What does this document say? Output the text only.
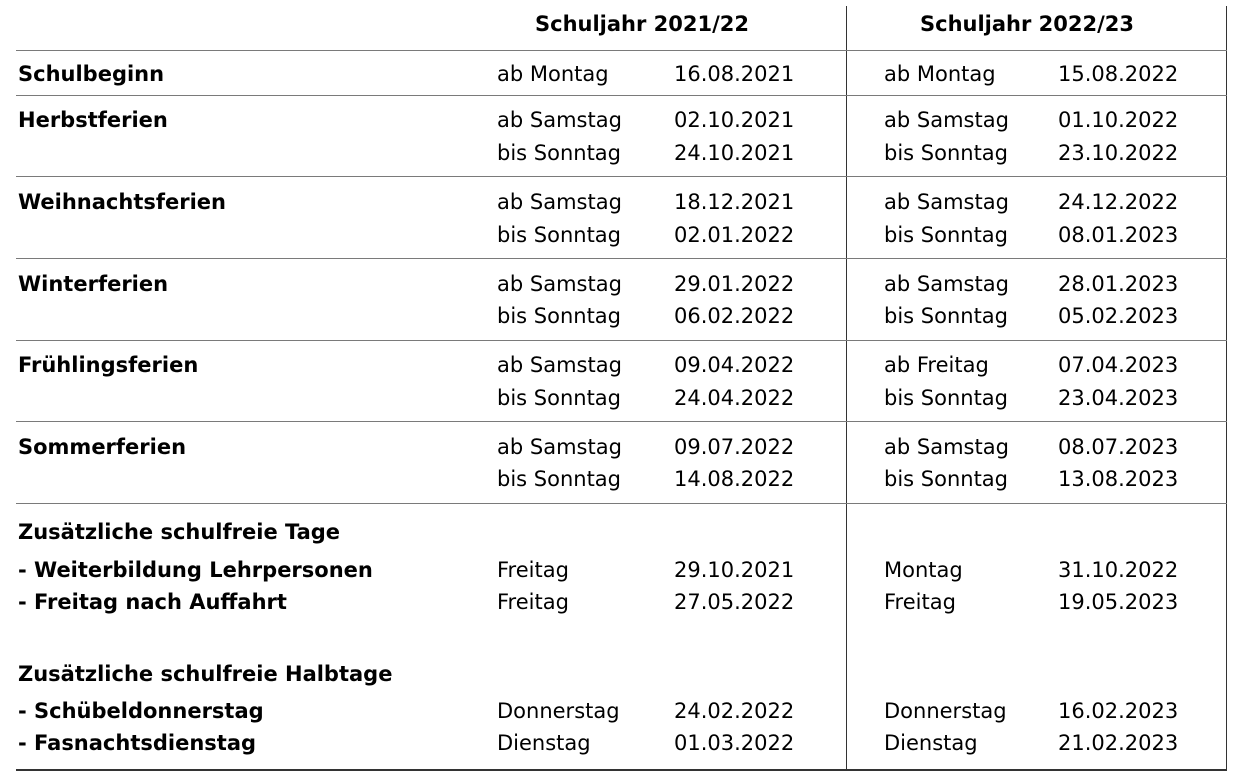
Schuljahr 2021/22	Schuljahr 2022/23
Schulbeginn	ab Montag	16.08.2021	ab Montag	15.08.2022
Herbstferien	ab Samstag 02.10.2021	ab Samstag 01.10.2022
bis Sonntag	24.10.2021	bis Sonntag 23.10.2022
Weihnachtsferien	ab Samstag 18.12.2021	ab Samstag 24.12.2022
bis Sonntag	02.01.2022	bis Sonntag 08.01.2023
Winterferien	ab Samstag 29.01.2022	ab Samstag 28.01.2023
bis Sonntag	06.02.2022	bis Sonntag 05.02.2023
Frühlingsferien	ab Samstag 09.04.2022	ab Freitag	07.04.2023
bis Sonntag	24.04.2022	bis Sonntag 23.04.2023
Sommerferien	ab Samstag 09.07.2022	ab Samstag 08.07.2023
bis Sonntag	14.08.2022	bis Sonntag 13.08.2023
Zusätzliche schulfreie Tage
- Weiterbildung Lehrpersonen	Freitag	29.10.2021	Montag	31.10.2022
- Freitag nach Auffahrt	Freitag	27.05.2022	Freitag	19.05.2023
Zusätzliche schulfreie Halbtage
- Schübeldonnerstag	Donnerstag	24.02.2022	Donnerstag 16.02.2023
- Fasnachtsdienstag	Dienstag	01.03.2022	Dienstag	21.02.2023
